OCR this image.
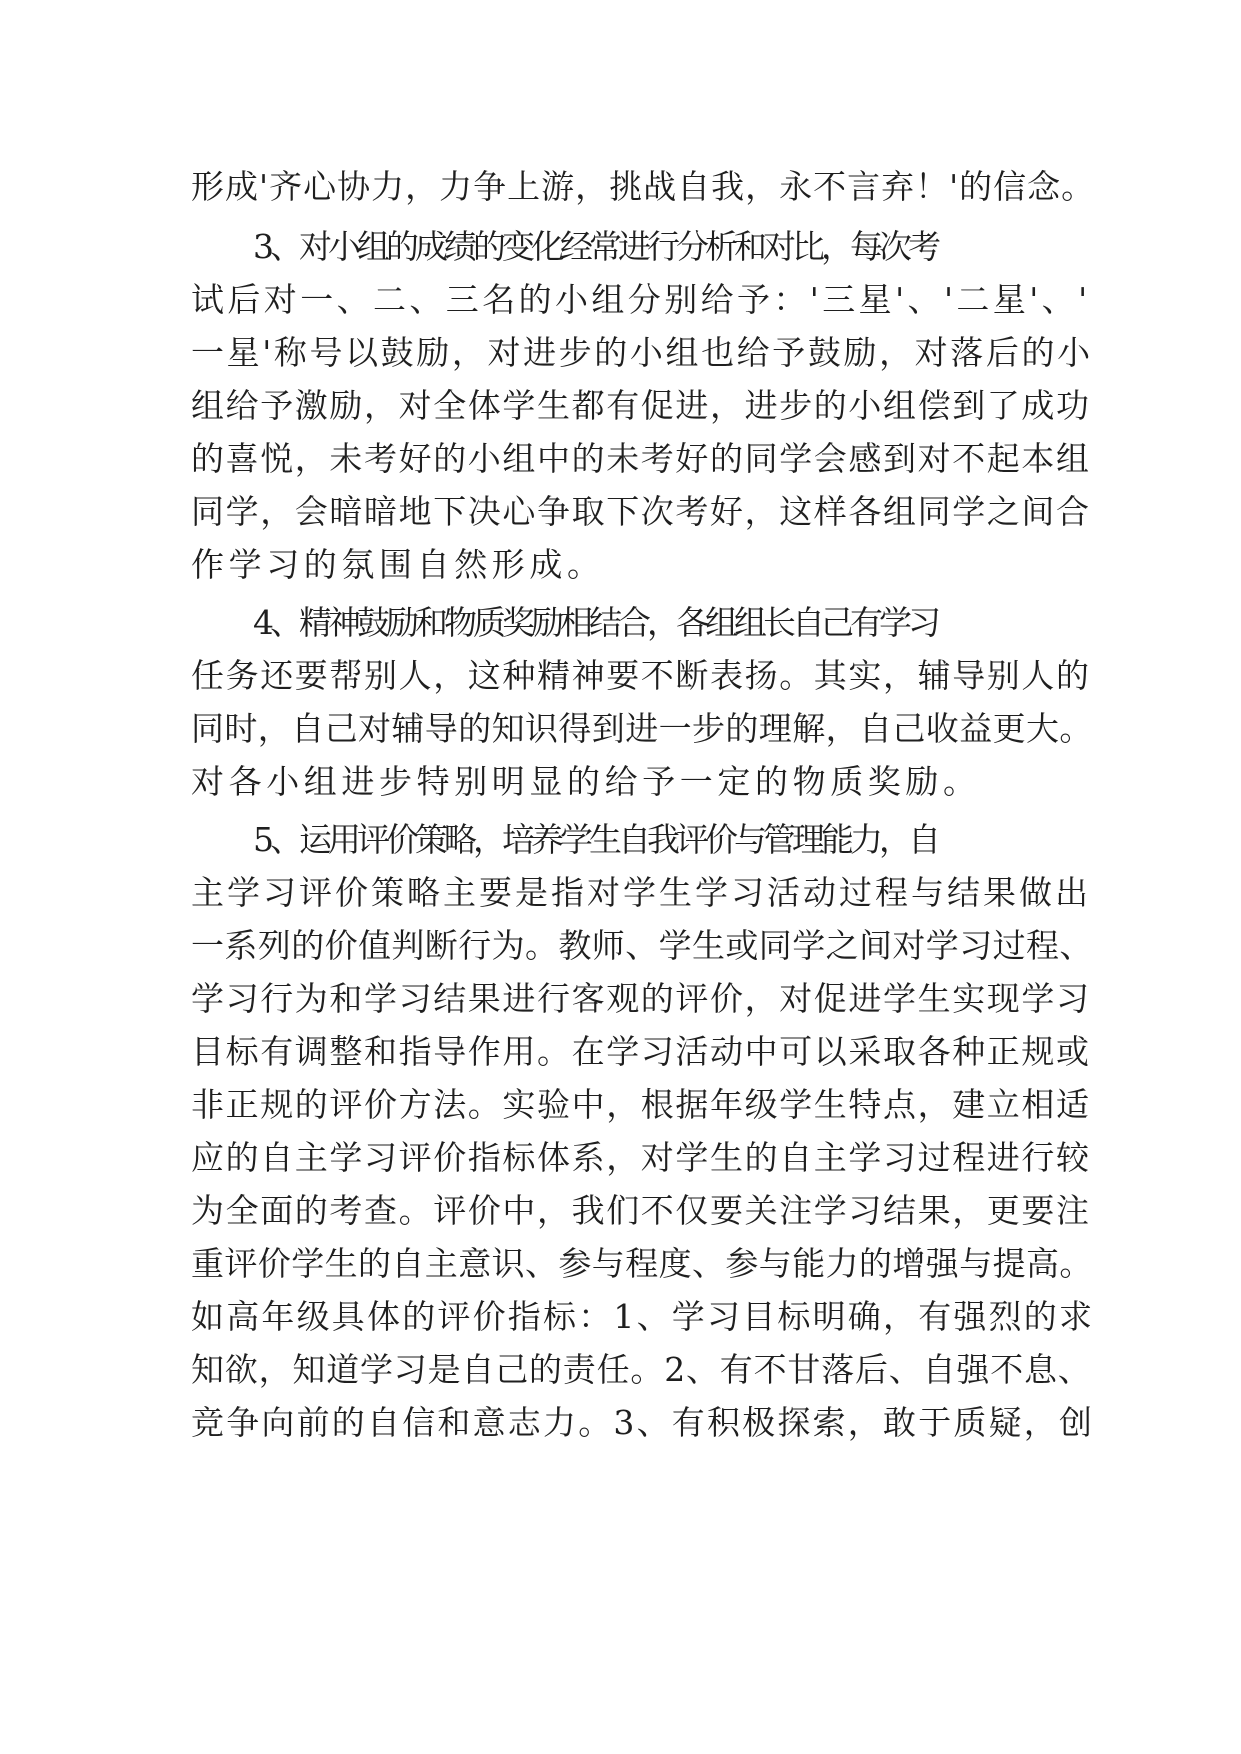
形成'齐心协力，力争上游，挑战自我，永不言弃！'的信念。
3、对小组的成绩的变化经常进行分析和对比，每次考
试后对一、二、三名的小组分别给予：'三星'、'二星'、'
一星'称号以鼓励，对进步的小组也给予鼓励，对落后的小
组给予激励，对全体学生都有促进，进步的小组偿到了成功
的喜悦，未考好的小组中的未考好的同学会感到对不起本组
同学，会暗暗地下决心争取下次考好，这样各组同学之间合
作学习的氛围自然形成。
4、精神鼓励和物质奖励相结合，各组组长自己有学习
任务还要帮别人，这种精神要不断表扬。其实，辅导别人的
同时，自己对辅导的知识得到进一步的理解，自己收益更大。
对各小组进步特别明显的给予一定的物质奖励。
5、运用评价策略，培养学生自我评价与管理能力，自
主学习评价策略主要是指对学生学习活动过程与结果做出
一系列的价值判断行为。教师、学生或同学之间对学习过程、
学习行为和学习结果进行客观的评价，对促进学生实现学习
目标有调整和指导作用。在学习活动中可以采取各种正规或
非正规的评价方法。实验中，根据年级学生特点，建立相适
应的自主学习评价指标体系，对学生的自主学习过程进行较
为全面的考查。评价中，我们不仅要关注学习结果，更要注
重评价学生的自主意识、参与程度、参与能力的增强与提高。
如高年级具体的评价指标：1、学习目标明确，有强烈的求
知欲，知道学习是自己的责任。2、有不甘落后、自强不息、
竞争向前的自信和意志力。3、有积极探索，敢于质疑，创
